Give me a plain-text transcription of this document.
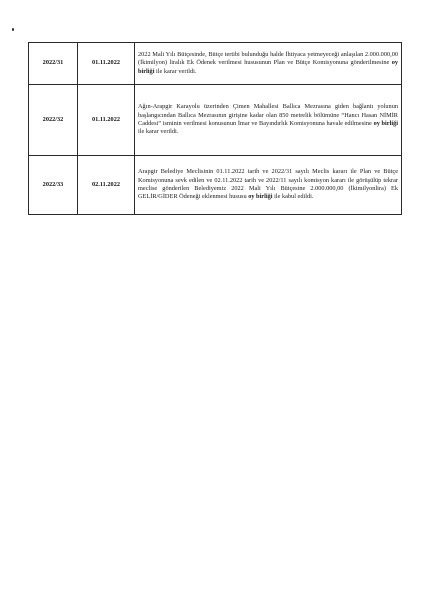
2022/31	01.11.2022	2022 Mali Yılı Bütçesinde, Bütçe tertibi bulunduğu halde İhtiyaca yetmeyeceği anlaşılan 2.000.000,00 (İkimilyon) liralık Ek Ödenek verilmesi hususunun Plan ve Bütçe Komisyonuna gönderilmesine oy birliği ile karar verildi.
2022/32	01.11.2022	Ağın-Arapgir Karayolu üzerinden Çimen Mahallesi Ballıca Mezrasına giden bağlantı yolunun başlangıcından Ballıca Mezrasının girişine kadar olan 850 metrelik bölümüne “Hancı Hasan NİMİR Caddesi” isminin verilmesi konusunun İmar ve Bayındırlık Komisyonuna havale edilmesine oy birliği ile karar verildi.
2022/33	02.11.2022	Arapgir Belediye Meclisinin 01.11.2022 tarih ve 2022/31 sayılı Meclis kararı ile Plan ve Bütçe Komisyonuna sevk edilen ve 02.11.2022 tarih ve 2022/11 sayılı komisyon kararı ile görüşülüp tekrar meclise gönderilen Belediyemiz 2022 Mali Yılı Bütçesine 2.000.000,00 (İkimilyonlira) Ek GELİR/GİDER Ödeneği eklenmesi hususu oy birliği ile kabul edildi.
